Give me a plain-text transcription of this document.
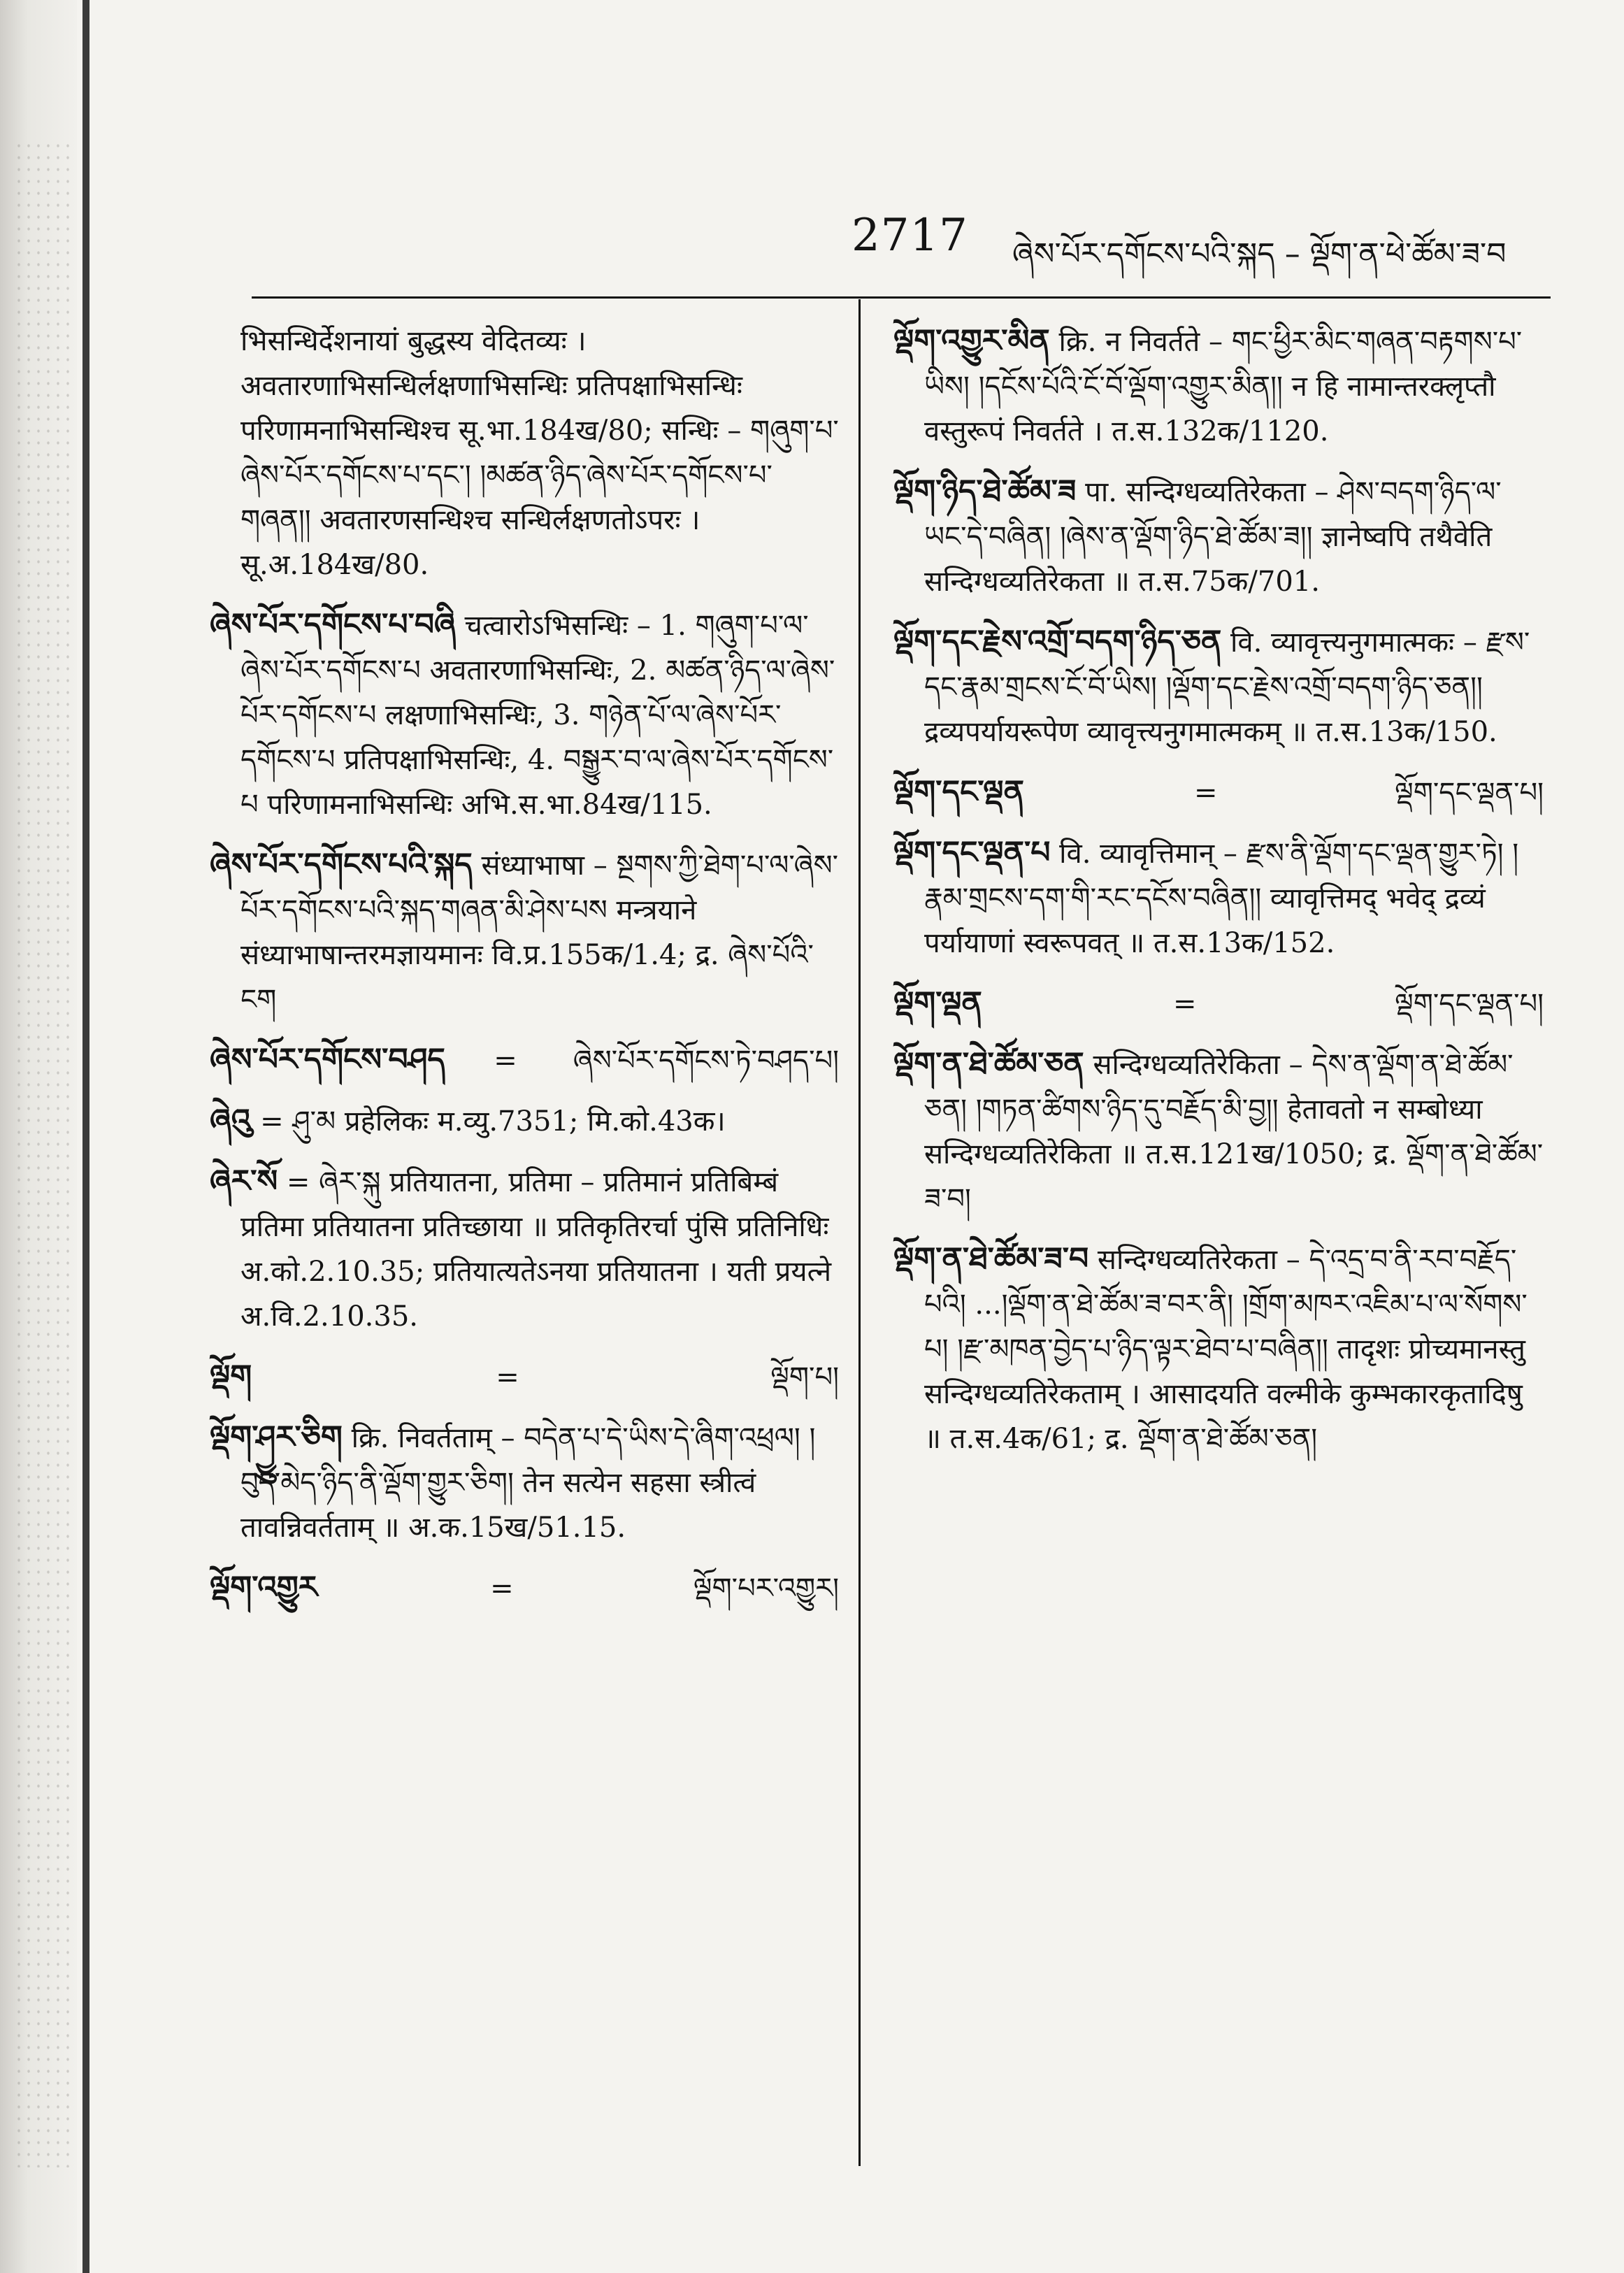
2717 ཞེས་པོར་དགོངས་པའི་སྐད – ལྡོག་ན་ཕེ་ཚོམ་ཟ་བ

भिसन्धिर्देशनायां बुद्धस्य वेदितव्यः । अवतारणाभिसन्धिर्लक्षणाभिसन्धिः प्रतिपक्षाभिसन्धिः परिणामनाभिसन्धिश्च सू.भा.184ख/80; सन्धिः – གཞུག་པ་ཞེས་པོར་དགོངས་པ་དང་། །མཚན་ཉིད་ཞེས་པོར་དགོངས་པ་གཞན།། अवतारणसन्धिश्च सन्धिर्लक्षणतोऽपरः । सू.अ.184ख/80.

ཞེས་པོར་དགོངས་པ་བཞི चत्वारोऽभिसन्धिः – 1. གཞུག་པ་ལ་ཞེས་པོར་དགོངས་པ अवतारणाभिसन्धिः, 2. མཚན་ཉིད་ལ་ཞེས་པོར་དགོངས་པ लक्षणाभिसन्धिः, 3. གཉེན་པོ་ལ་ཞེས་པོར་དགོངས་པ प्रतिपक्षाभिसन्धिः, 4. བསྒྱུར་བ་ལ་ཞེས་པོར་དགོངས་པ परिणामनाभिसन्धिः अभि.स.भा.84ख/115.

ཞེས་པོར་དགོངས་པའི་སྐད संध्याभाषा – སྔགས་ཀྱི་ཐེག་པ་ལ་ཞེས་པོར་དགོངས་པའི་སྐད་གཞན་མི་ཤེས་པས मन्त्रयाने संध्याभाषान्तरमज्ञायमानः वि.प्र.155क/1.4; द्र. ཞེས་པོའི་ངག

ཞེས་པོར་དགོངས་བཤད =	ཞེས་པོར་དགོངས་ཏེ་བཤད་པ།

ཞེའུ = ཤུ་མ प्रहेलिकः म.व्यु.7351; मि.को.43क।

ཞེར་སོ = ཞེར་སྐུ प्रतियातना, प्रतिमा – प्रतिमानं प्रतिबिम्बं प्रतिमा प्रतियातना प्रतिच्छाया ॥ प्रतिकृतिरर्चा पुंसि प्रतिनिधिः अ.को.2.10.35; प्रतियात्यतेऽनया प्रतियातना । यती प्रयत्ने अ.वि.2.10.35.

ལྡོག	=	ལྡོག་པ།

ལྡོག་ཤྱུར་ཅིག क्रि. निवर्तताम् – བདེན་པ་དེ་ཡིས་དེ་ཞིག་འཕྲལ། །བུད་མེད་ཉིད་ནི་ལྡོག་གྱུར་ཅིག། तेन सत्येन सहसा स्त्रीत्वं तावन्निवर्तताम् ॥ अ.क.15ख/51.15.

ལྡོག་འགྱུར	=	ལྡོག་པར་འགྱུར།

ལྡོག་འགྱུར་མིན क्रि. न निवर्तते – གང་ཕྱིར་མིང་གཞན་བརྟགས་པ་ཡིས། །དངོས་པོའི་ངོ་བོ་ལྡོག་འགྱུར་མིན།། न हि नामान्तरक्लृप्तौ वस्तुरूपं निवर्तते । त.स.132क/1120.

ལྡོག་ཉིད་ཐེ་ཚོམ་ཟ पा. सन्दिग्धव्यतिरेकता – ཤེས་བདག་ཉིད་ལ་ཡང་དེ་བཞིན། །ཞེས་ན་ལྡོག་ཉིད་ཐེ་ཚོམ་ཟ།། ज्ञानेष्वपि तथैवेति सन्दिग्धव्यतिरेकता ॥ त.स.75क/701.

ལྡོག་དང་རྗེས་འགྲོ་བདག་ཉིད་ཅན वि. व्यावृत्त्यनुगमात्मकः – རྫས་དང་རྣམ་གྲངས་ངོ་བོ་ཡིས། །ལྡོག་དང་རྗེས་འགྲོ་བདག་ཉིད་ཅན།། द्रव्यपर्यायरूपेण व्यावृत्त्यनुगमात्मकम् ॥ त.स.13क/150.

ལྡོག་དང་ལྡན	=	ལྡོག་དང་ལྡན་པ།

ལྡོག་དང་ལྡན་པ वि. व्यावृत्तिमान् – རྫས་ནི་ལྡོག་དང་ལྡན་གྱུར་ཏེ། །རྣམ་གྲངས་དག་གི་རང་དངོས་བཞིན།། व्यावृत्तिमद् भवेद् द्रव्यं पर्यायाणां स्वरूपवत् ॥ त.स.13क/152.

ལྡོག་ལྡན	=	ལྡོག་དང་ལྡན་པ།

ལྡོག་ན་ཐེ་ཚོམ་ཅན सन्दिग्धव्यतिरेकिता – དེས་ན་ལྡོག་ན་ཐེ་ཚོམ་ཅན། །གཏན་ཚིགས་ཉིད་དུ་བརྗོད་མི་བྱ།། हेतावतो न सम्बोध्या सन्दिग्धव्यतिरेकिता ॥ त.स.121ख/1050; द्र. ལྡོག་ན་ཐེ་ཚོམ་ཟ་བ།

ལྡོག་ན་ཐེ་ཚོམ་ཟ་བ सन्दिग्धव्यतिरेकता – དེ་འདྲ་བ་ནི་རབ་བརྗོད་པའི། ...།ལྡོག་ན་ཐེ་ཚོམ་ཟ་བར་ནི། །གྲོག་མཁར་འཇིམ་པ་ལ་སོགས་པ། །རྫ་མཁན་བྱེད་པ་ཉིད་ལྟར་ཐེབ་པ་བཞིན།། तादृशः प्रोच्यमानस्तु सन्दिग्धव्यतिरेकताम् । आसादयति वल्मीके कुम्भकारकृतादिषु ॥ त.स.4क/61; द्र. ལྡོག་ན་ཐེ་ཚོམ་ཅན།
